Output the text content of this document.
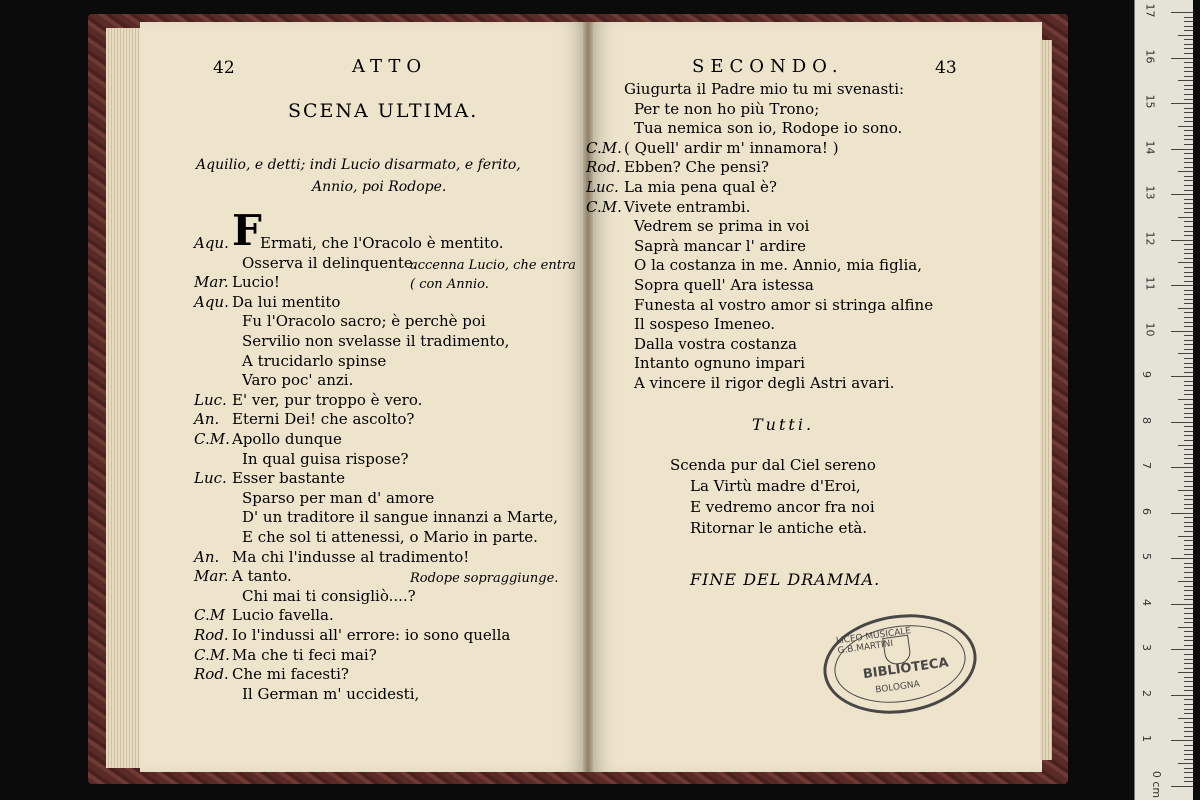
42	ATTO
SCENA ULTIMA.
Aquilio, e detti; indi Lucio disarmato, e ferito,
Annio, poi Rodope.
F
Aqu. Ermati, che l'Oracolo è mentito.
Osserva il delinquente.
accenna Lucio, che entra
Mar. Lucio!	( con Annio.
Aqu. Da lui mentito
Fu l'Oracolo sacro; è perchè poi
Servilio non svelasse il tradimento,
A trucidarlo spinse
Varo poc' anzi.
Luc. E' ver, pur troppo è vero.
An. Eterni Dei! che ascolto?
C.M. Apollo dunque
In qual guisa rispose?
Luc. Esser bastante
Sparso per man d' amore
D' un traditore il sangue innanzi a Marte,
E che sol ti attenessi, o Mario in parte.
An. Ma chi l'indusse al tradimento!
Mar. A tanto.	Rodope sopraggiunge.
Chi mai ti consigliò....?
C.M Lucio favella.
Rod. Io l'indussi all' errore: io sono quella
C.M. Ma che ti feci mai?
Rod. Che mi facesti?
Il German m' uccidesti,
SECONDO.	43
Giugurta il Padre mio tu mi svenasti:
Per te non ho più Trono;
Tua nemica son io, Rodope io sono.
C.M. ( Quell' ardir m' innamora! )
Rod. Ebben? Che pensi?
Luc. La mia pena qual è?
C.M. Vivete entrambi.
Vedrem se prima in voi
Saprà mancar l' ardire
O la costanza in me. Annio, mia figlia,
Sopra quell' Ara istessa
Funesta al vostro amor si stringa alfine
Il sospeso Imeneo.
Dalla vostra costanza
Intanto ognuno impari
A vincere il rigor degli Astri avari.
Tutti.
Scenda pur dal Ciel sereno
La Virtù madre d'Eroi,
E vedremo ancor fra noi
Ritornar le antiche età.
FINE DEL DRAMMA.
LICEO MUSICALE G.B.MARTINI
BIBLIOTECA
BOLOGNA
0 cm
1
2
3
4
5
6
7
8
9
10
11
12
13
14
15
16
17
